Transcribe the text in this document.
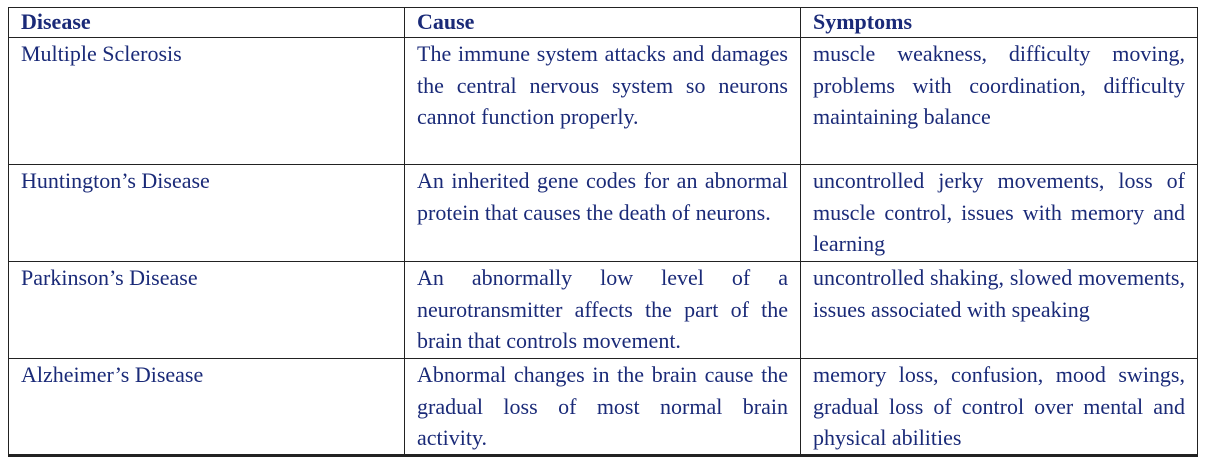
Disease	Cause	Symptoms
Multiple Sclerosis	The immune system attacks and damages the central nervous system so neurons cannot function properly.	muscle weakness, difficulty moving, problems with coordination, difficulty maintaining balance
Huntington’s Disease	An inherited gene codes for an abnormal protein that causes the death of neurons.	uncontrolled jerky movements, loss of muscle control, issues with memory and learning
Parkinson’s Disease	An abnormally low level of a neurotransmitter affects the part of the brain that controls movement.	uncontrolled shaking, slowed movements, issues associated with speaking
Alzheimer’s Disease	Abnormal changes in the brain cause the gradual loss of most normal brain activity.	memory loss, confusion, mood swings, gradual loss of control over mental and physical abilities
